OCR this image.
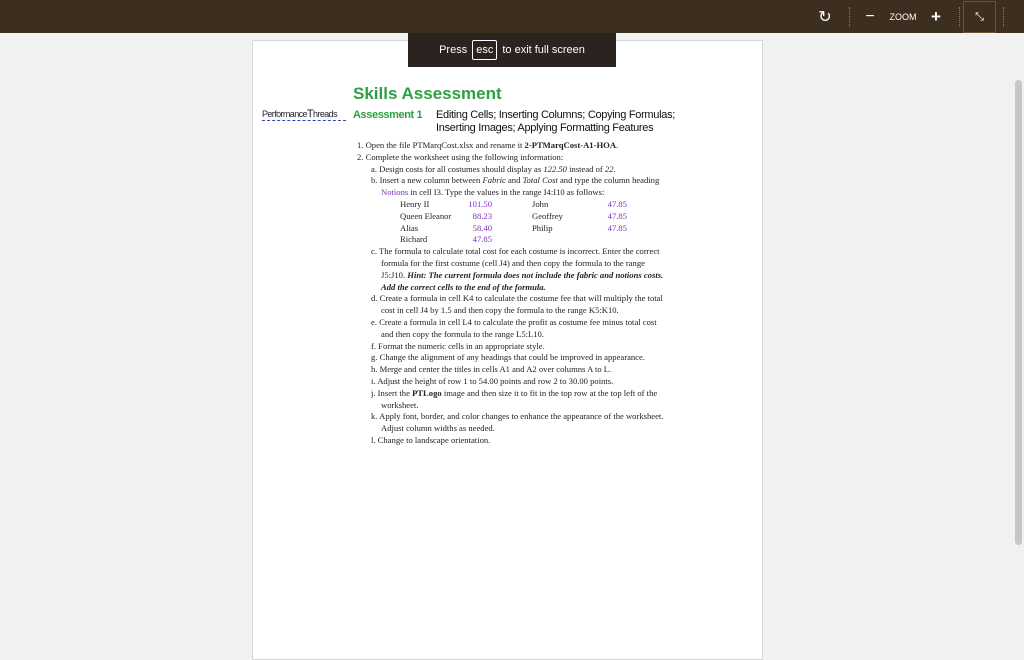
↻	−	ZOOM +	⤡
Press esc to exit full screen
Skills Assessment
PerformanceThreads	Assessment 1 Editing Cells; Inserting Columns; Copying Formulas;
Inserting Images; Applying Formatting Features
1. Open the file PTMarqCost.xlsx and rename it 2-PTMarqCost-A1-HOA.
2. Complete the worksheet using the following information:
a. Design costs for all costumes should display as 122.50 instead of 22.
b. Insert a new column between Fabric and Total Cost and type the column heading
Notions in cell I3. Type the values in the range I4:I10 as follows:
Henry II	101.50	John	47.85
Queen Eleanor	88.23	Geoffrey	47.85
Alias	58.40	Philip	47.85
Richard	47.85		
c. The formula to calculate total cost for each costume is incorrect. Enter the correct
formula for the first costume (cell J4) and then copy the formula to the range
J5:J10. Hint: The current formula does not include the fabric and notions costs.
Add the correct cells to the end of the formula.
d. Create a formula in cell K4 to calculate the costume fee that will multiply the total
cost in cell J4 by 1.5 and then copy the formula to the range K5:K10.
e. Create a formula in cell L4 to calculate the profit as costume fee minus total cost
and then copy the formula to the range L5:L10.
f. Format the numeric cells in an appropriate style.
g. Change the alignment of any headings that could be improved in appearance.
h. Merge and center the titles in cells A1 and A2 over columns A to L.
i. Adjust the height of row 1 to 54.00 points and row 2 to 30.00 points.
j. Insert the PTLogo image and then size it to fit in the top row at the top left of the
worksheet.
k. Apply font, border, and color changes to enhance the appearance of the worksheet.
Adjust column widths as needed.
l. Change to landscape orientation.
